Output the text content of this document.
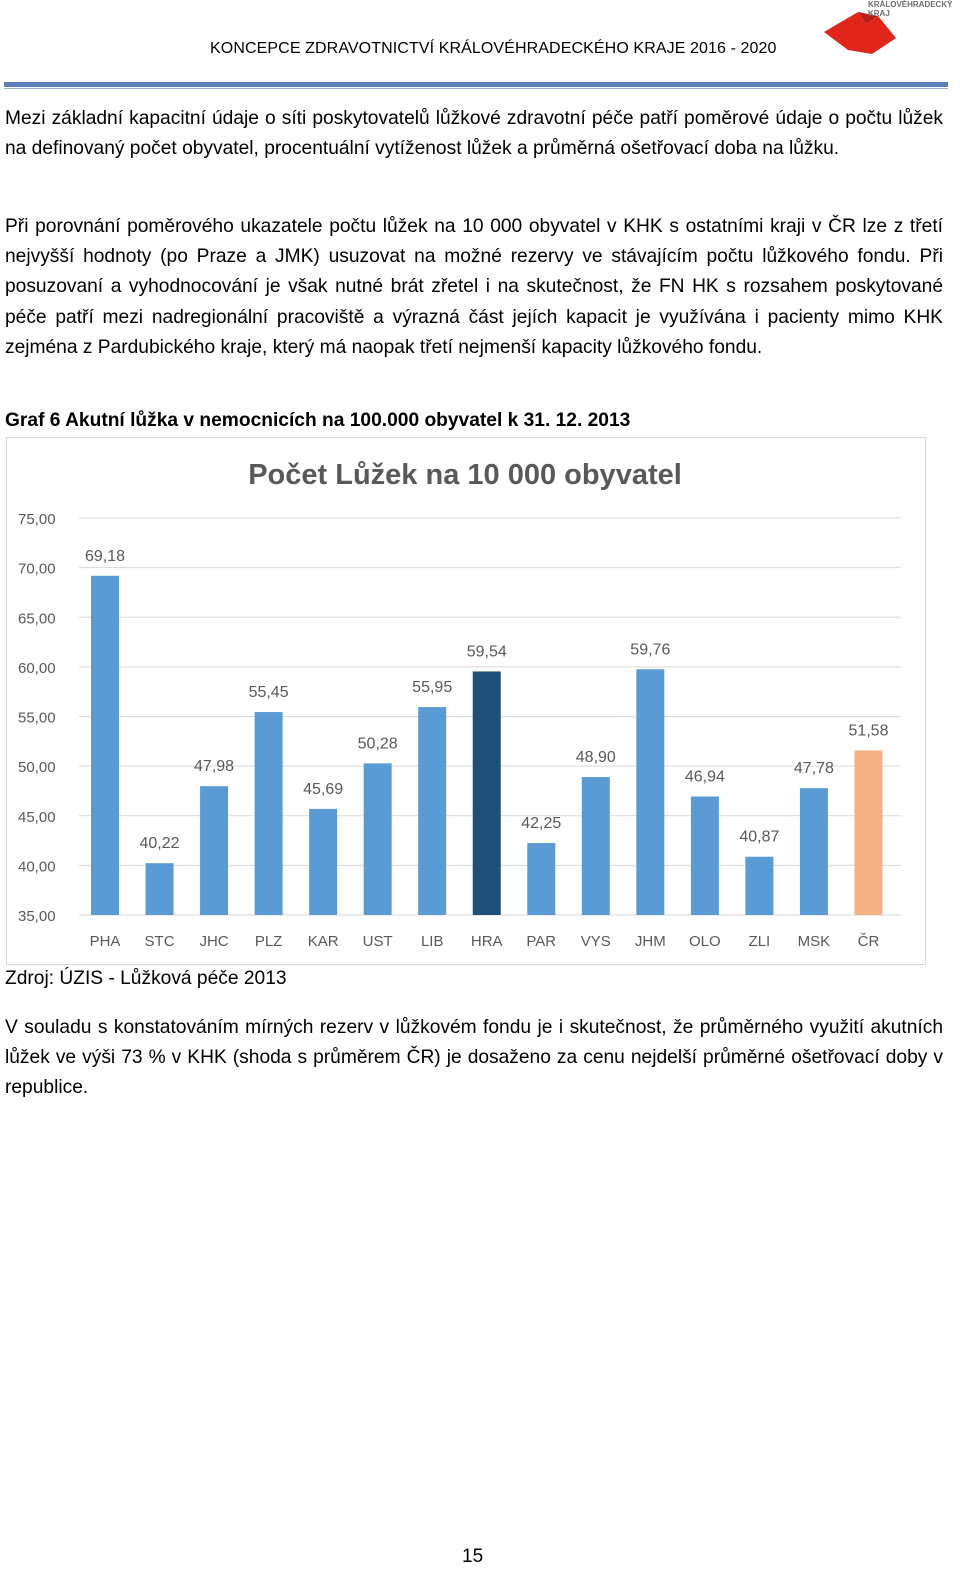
KONCEPCE ZDRAVOTNICTVÍ KRÁLOVÉHRADECKÉHO KRAJE 2016 - 2020
KRÁLOVÉHRADECKÝ
KRAJ

Mezi základní kapacitní údaje o síti poskytovatelů lůžkové zdravotní péče patří poměrové údaje o počtu lůžek na definovaný počet obyvatel, procentuální vytíženost lůžek a průměrná ošetřovací doba na lůžku.

Při porovnání poměrového ukazatele počtu lůžek na 10 000 obyvatel v KHK s ostatními kraji v ČR lze z třetí nejvyšší hodnoty (po Praze a JMK) usuzovat na možné rezervy ve stávajícím počtu lůžkového fondu. Při posuzovaní a vyhodnocování je však nutné brát zřetel i na skutečnost, že FN HK s rozsahem poskytované péče patří mezi nadregionální pracoviště a výrazná část jejích kapacit je využívána i pacienty mimo KHK zejména z Pardubického kraje, který má naopak třetí nejmenší kapacity lůžkového fondu.

Graf 6 Akutní lůžka v nemocnicích na 100.000 obyvatel k 31. 12. 2013
Počet Lůžek na 10 000 obyvatel
35,00
40,00
45,00
50,00
55,00
60,00
65,00
70,00
75,00
69,18
PHA
40,22
STC
47,98
JHC
55,45
PLZ
45,69
KAR
50,28
UST
55,95
LIB
59,54
HRA
42,25
PAR
48,90
VYS
59,76
JHM
46,94
OLO
40,87
ZLI
47,78
MSK
51,58
ČR
Zdroj: ÚZIS - Lůžková péče 2013

V souladu s konstatováním mírných rezerv v lůžkovém fondu je i skutečnost, že průměrného využití akutních lůžek ve výši 73 % v KHK (shoda s průměrem ČR) je dosaženo za cenu nejdelší průměrné ošetřovací doby v republice.

15
